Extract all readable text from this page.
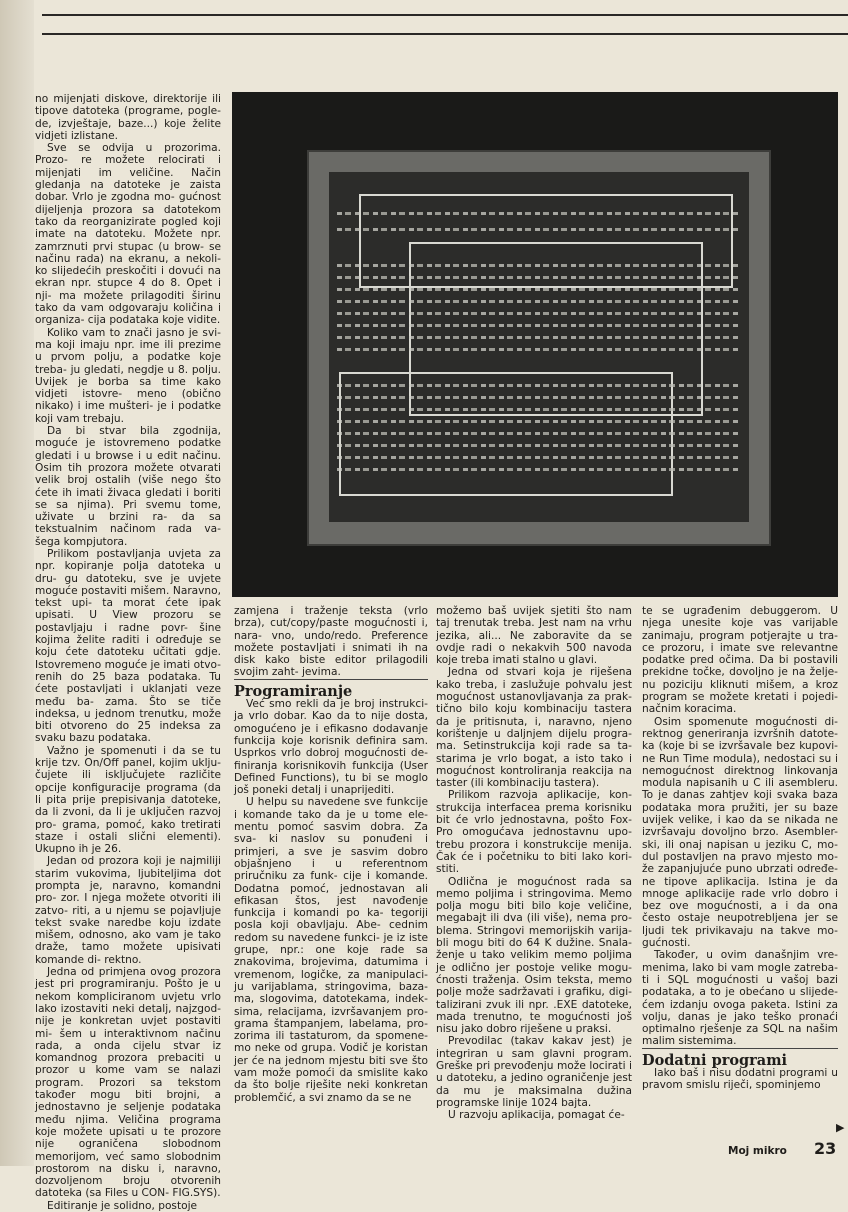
no mijenjati diskove, direktorije ili tipove datoteka (programe, pogle- de, izvještaje, baze...) koje želite vidjeti izlistane.

Sve se odvija u prozorima. Prozo- re možete relocirati i mijenjati im veličine. Način gledanja na datoteke je zaista dobar. Vrlo je zgodna mo- gućnost dijeljenja prozora sa datotekom tako da reorganizirate pogled koji imate na datoteku. Možete npr. zamrznuti prvi stupac (u brow- se načinu rada) na ekranu, a nekoli- ko slijedećih preskočiti i dovući na ekran npr. stupce 4 do 8. Opet i nji- ma možete prilagoditi širinu tako da vam odgovaraju količina i organiza- cija podataka koje vidite.

Koliko vam to znači jasno je svi- ma koji imaju npr. ime ili prezime u prvom polju, a podatke koje treba- ju gledati, negdje u 8. polju. Uvijek je borba sa time kako vidjeti istovre- meno (obično nikako) i ime mušteri- je i podatke koji vam trebaju.

Da bi stvar bila zgodnija, moguće je istovremeno podatke gledati i u browse i u edit načinu. Osim tih prozora možete otvarati velik broj ostalih (više nego što ćete ih imati živaca gledati i boriti se sa njima). Pri svemu tome, uživate u brzini ra- da sa tekstualnim načinom rada va- šega kompjutora.

Prilikom postavljanja uvjeta za npr. kopiranje polja datoteka u dru- gu datoteku, sve je uvjete moguće postaviti mišem. Naravno, tekst upi- ta morat ćete ipak upisati. U View prozoru se postavljaju i radne povr- šine kojima želite raditi i određuje se koju ćete datoteku učitati gdje. Istovremeno moguće je imati otvo- renih do 25 baza podataka. Tu ćete postavljati i uklanjati veze među ba- zama. Što se tiče indeksa, u jednom trenutku, može biti otvoreno do 25 indeksa za svaku bazu podataka.

Važno je spomenuti i da se tu krije tzv. On/Off panel, kojim uklju- čujete ili isključujete različite opcije konfiguracije programa (da li pita prije prepisivanja datoteke, da li zvoni, da li je uključen razvoj pro- grama, pomoć, kako tretirati staze i ostali slični elementi). Ukupno ih je 26.

Jedan od prozora koji je najmiliji starim vukovima, ljubiteljima dot prompta je, naravno, komandni pro- zor. I njega možete otvoriti ili zatvo- riti, a u njemu se pojavljuje tekst svake naredbe koju izdate mišem, odnosno, ako vam je tako draže, tamo možete upisivati komande di- rektno.

Jedna od primjena ovog prozora jest pri programiranju. Pošto je u nekom kompliciranom uvjetu vrlo lako izostaviti neki detalj, najzgod- nije je konkretan uvjet postaviti mi- šem u interaktivnom načinu rada, a onda cijelu stvar iz komandnog prozora prebaciti u prozor u kome vam se nalazi program. Prozori sa tekstom također mogu biti brojni, a jednostavno je seljenje podataka među njima. Veličina programa koje možete upisati u te prozore nije ograničena slobodnom memorijom, već samo slobodnim prostorom na disku i, naravno, dozvoljenom broju otvorenih datoteka (sa Files u CON- FIG.SYS).

Editiranje je solidno, postoje

zamjena i traženje teksta (vrlo brza), cut/copy/paste mogućnosti i, nara- vno, undo/redo. Preference možete postavljati i snimati ih na disk kako biste editor prilagodili svojim zaht- jevima.

Programiranje

Već smo rekli da je broj instrukci- ja vrlo dobar. Kao da to nije dosta, omogućeno je i efikasno dodavanje funkcija koje korisnik definira sam. Usprkos vrlo dobroj mogućnosti de- finiranja korisnikovih funkcija (User Defined Functions), tu bi se moglo još poneki detalj i unaprijediti.

U helpu su navedene sve funkcije i komande tako da je u tome ele- mentu pomoć sasvim dobra. Za sva- ki naslov su ponuđeni i primjeri, a sve je sasvim dobro objašnjeno i u referentnom priručniku za funk- cije i komande. Dodatna pomoć, jednostavan ali efikasan štos, jest navođenje funkcija i komandi po ka- tegoriji posla koji obavljaju. Abe- cednim redom su navedene funkci- je iz iste grupe, npr.: one koje rade sa znakovima, brojevima, datumima i vremenom, logičke, za manipulaci- ju varijablama, stringovima, baza- ma, slogovima, datotekama, indek- sima, relacijama, izvršavanjem pro- grama štampanjem, labelama, pro- zorima ili tastaturom, da spomene- mo neke od grupa. Vodič je koristan jer će na jednom mjestu biti sve što vam može pomoći da smislite kako da što bolje riješite neki konkretan problemčić, a svi znamo da se ne

možemo baš uvijek sjetiti što nam taj trenutak treba. Jest nam na vrhu jezika, ali... Ne zaboravite da se ovdje radi o nekakvih 500 navoda koje treba imati stalno u glavi.

Jedna od stvari koja je riješena kako treba, i zaslužuje pohvalu jest mogućnost ustanovljavanja za prak- tično bilo koju kombinaciju tastera da je pritisnuta, i, naravno, njeno korištenje u daljnjem dijelu progra- ma. Setinstrukcija koji rade sa ta- starima je vrlo bogat, a isto tako i mogućnost kontroliranja reakcija na taster (ili kombinaciju tastera).

Prilikom razvoja aplikacije, kon- strukcija interfacea prema korisniku bit će vrlo jednostavna, pošto Fox- Pro omogućava jednostavnu upo- trebu prozora i konstrukcije menija. Čak će i početniku to biti lako kori- stiti.

Odlična je mogućnost rada sa memo poljima i stringovima. Memo polja mogu biti bilo koje veličine, megabajt ili dva (ili više), nema pro- blema. Stringovi memorijskih varija- bli mogu biti do 64 K dužine. Snala- ženje u tako velikim memo poljima je odlično jer postoje velike mogu- ćnosti traženja. Osim teksta, memo polje može sadržavati i grafiku, digi- talizirani zvuk ili npr. .EXE datoteke, mada trenutno, te mogućnosti još nisu jako dobro riješene u praksi.

Prevodilac (takav kakav jest) je integriran u sam glavni program. Greške pri prevođenju može locirati i u datoteku, a jedino ograničenje jest da mu je maksimalna dužina programske linije 1024 bajta.

U razvoju aplikacija, pomagat će-

te se ugrađenim debuggerom. U njega unesite koje vas varijable zanimaju, program potjerajte u tra- ce prozoru, i imate sve relevantne podatke pred očima. Da bi postavili prekidne točke, dovoljno je na želje- nu poziciju kliknuti mišem, a kroz program se možete kretati i pojedi- načnim koracima.

Osim spomenute mogućnosti di- rektnog generiranja izvršnih datote- ka (koje bi se izvršavale bez kupovi- ne Run Time modula), nedostaci su i nemogućnost direktnog linkovanja modula napisanih u C ili asembleru. To je danas zahtjev koji svaka baza podataka mora pružiti, jer su baze uvijek velike, i kao da se nikada ne izvršavaju dovoljno brzo. Asembler- ski, ili onaj napisan u jeziku C, mo- dul postavljen na pravo mjesto mo- že zapanjujuće puno ubrzati određe- ne tipove aplikacija. Istina je da mnoge aplikacije rade vrlo dobro i bez ove mogućnosti, a i da ona često ostaje neupotrebljena jer se ljudi tek privikavaju na takve mo- gućnosti.

Također, u ovim današnjim vre- menima, lako bi vam mogle zatreba- ti i SQL mogućnosti u vašoj bazi podataka, a to je obećano u slijede- ćem izdanju ovoga paketa. Istini za volju, danas je jako teško pronaći optimalno rješenje za SQL na našim malim sistemima.

Dodatni programi

Iako baš i nisu dodatni programi u pravom smislu riječi, spominjemo

▶
Moj mikro 23
